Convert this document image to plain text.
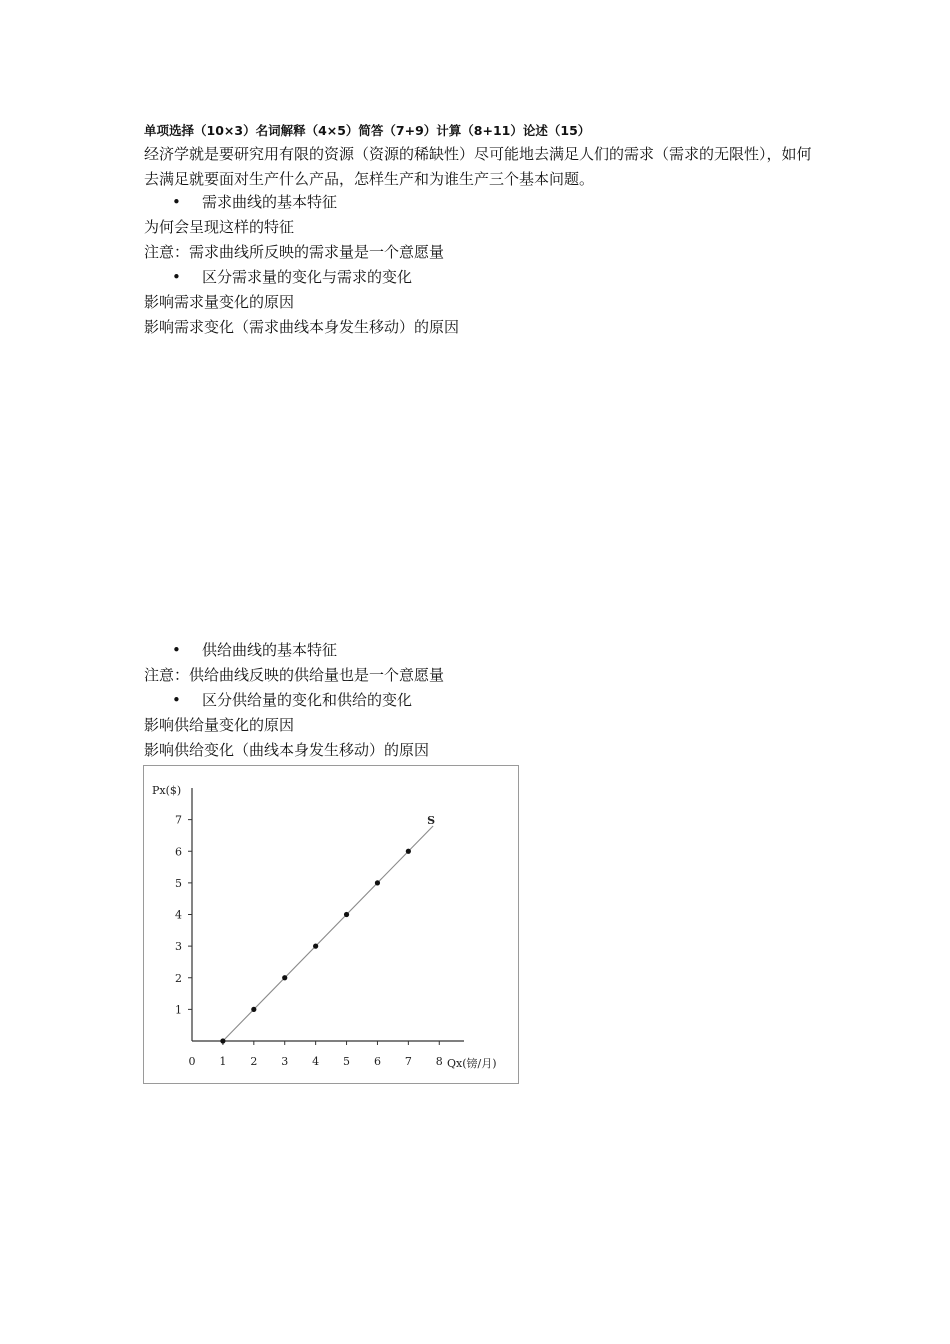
单项选择（10×3）名词解释（4×5）简答（7+9）计算（8+11）论述（15）
经济学就是要研究用有限的资源（资源的稀缺性）尽可能地去满足人们的需求（需求的无限性），如何去满足就要面对生产什么产品，怎样生产和为谁生产三个基本问题。
• 需求曲线的基本特征
为何会呈现这样的特征
注意：需求曲线所反映的需求量是一个意愿量
• 区分需求量的变化与需求的变化
影响需求量变化的原因
影响需求变化（需求曲线本身发生移动）的原因
• 供给曲线的基本特征
注意：供给曲线反映的供给量也是一个意愿量
• 区分供给量的变化和供给的变化
影响供给量变化的原因
影响供给变化（曲线本身发生移动）的原因
0 1 2 3 4 5 6 7 8
1
2
3
4
5
6
7
Px($)
Qx(镑/月)
S
